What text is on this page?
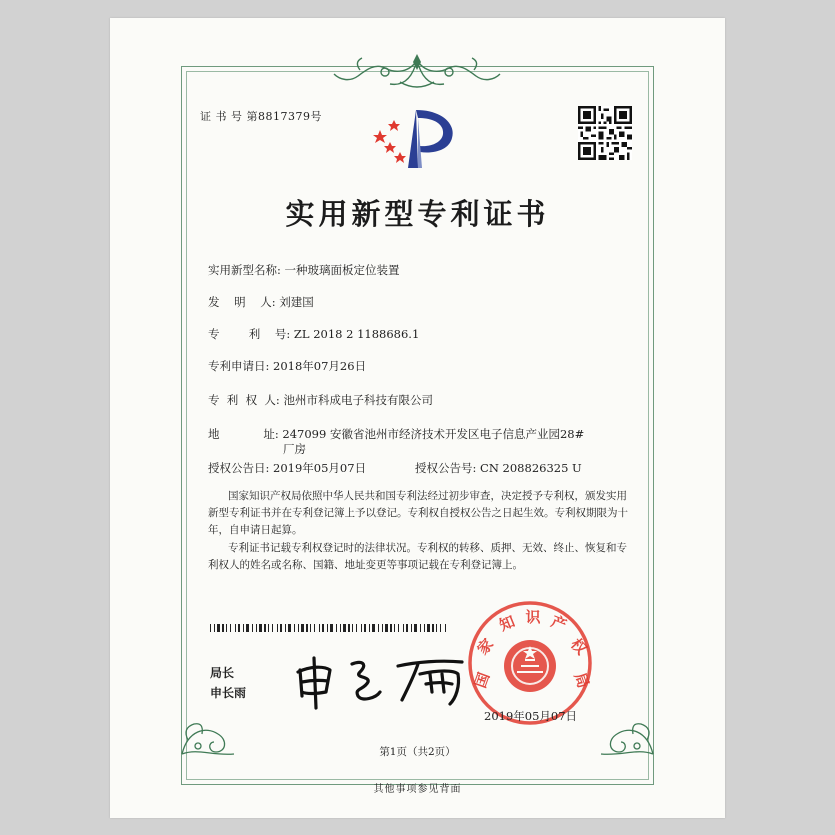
证 书 号 第8817379号
实用新型专利证书
实用新型名称: 一种玻璃面板定位装置
发    明    人: 刘建国
专        利    号: ZL 2018 2 1188686.1
专利申请日: 2018年07月26日
专  利  权  人: 池州市科成电子科技有限公司
地            址: 247099 安徽省池州市经济技术开发区电子信息产业园28#
厂房
授权公告日: 2019年05月07日	授权公告号: CN 208826325 U
国家知识产权局依照中华人民共和国专利法经过初步审查，决定授予专利权，颁发实用
新型专利证书并在专利登记簿上予以登记。专利权自授权公告之日起生效。专利权期限为十
年，自申请日起算。
专利证书记载专利权登记时的法律状况。专利权的转移、质押、无效、终止、恢复和专
利权人的姓名或名称、国籍、地址变更等事项记载在专利登记簿上。
局长
申长雨
国
家
知 识 产
权
局
2019年05月07日
第1页（共2页）
其他事项参见背面
